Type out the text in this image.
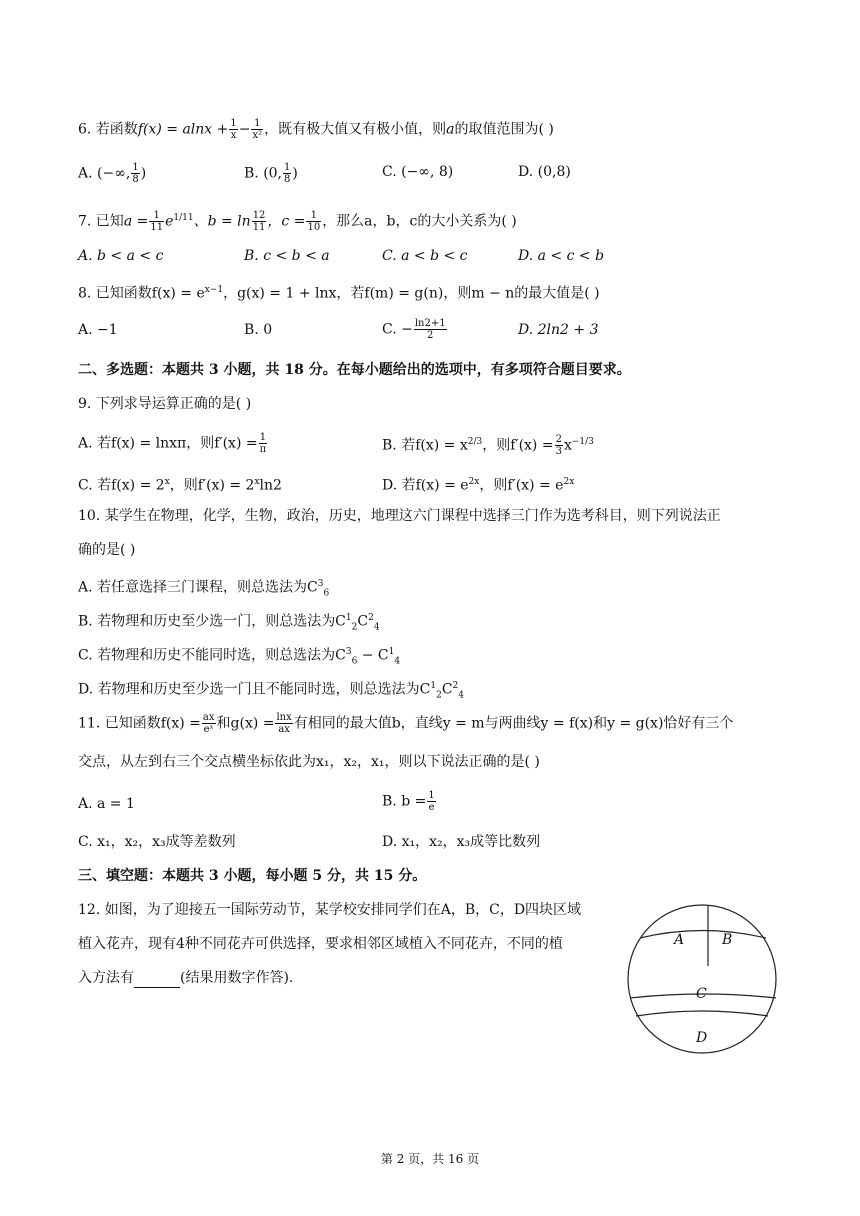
6. 若函数$f(x) = alnx + \frac{1}{x} - \frac{1}{\text{x²}}$ ，既有极大值又有极小值，则a的取值范围为( )
A. (−∞, $\frac{1}{8}$ )	B. (0, $\frac{1}{8}$ )	C. (−∞, 8)	D. (0,8)
7. 已知$a = \frac{1}{11} e^{1/11}$、$b = \ln \frac{12}{11}$ ，$c = \frac{1}{10}$ ，那么a，b，c的大小关系为( )
A. b < a < c	B. c < b < a	C. a < b < c	D. a < c < b
8. 已知函数$f(x) = e^{x-1}$，g(x) = 1 + lnx，若f(m) = g(n)，则m − n的最大值是( )
A. −1	B. 0	C. − $\frac{\ln 2+1}{2}$	D. 2ln2 + 3
二、多选题：本题共 3 小题，共 18 分。在每小题给出的选项中，有多项符合题目要求。
9. 下列求导运算正确的是( )
A. 若f(x) = lnxπ，则$f'(x) = \frac{1}{\pi}$	B. 若$f(x) = x^{2/3}$，则$f'(x) = \frac{2}{3} x^{-1/3}$
C. 若$f(x) = 2^x$，则$f'(x) = 2^x\ln 2$	D. 若$f(x) = e^{2x}$，则$f'(x) = e^{2x}$
10. 某学生在物理，化学，生物，政治，历史，地理这六门课程中选择三门作为选考科目，则下列说法正
确的是( )
A. 若任意选择三门课程，则总选法为$C^3_6$
B. 若物理和历史至少选一门，则总选法为$C^1_2C^2_4$
C. 若物理和历史不能同时选，则总选法为$C^3_6 - C^1_4$
D. 若物理和历史至少选一门且不能同时选，则总选法为$C^1_2C^2_4$
11. 已知函数$f(x) = \frac{ax}{\text{eˣ}}$ 和$g(x) = \frac{\ln x}{ax}$ 有相同的最大值b，直线y = m与两曲线y = f(x)和y = g(x)恰好有三个
交点，从左到右三个交点横坐标依此为x₁，x₂，x₁，则以下说法正确的是( )
A. a = 1	B. $b = \frac{1}{e}$
C. x₁，x₂，x₃成等差数列	D. x₁，x₂，x₃成等比数列
三、填空题：本题共 3 小题，每小题 5 分，共 15 分。
12. 如图，为了迎接五一国际劳动节，某学校安排同学们在A，B，C，D四块区域
植入花卉，现有4种不同花卉可供选择，要求相邻区域植入不同花卉，不同的植
入方法有	(结果用数字作答).
A	B
C
D
第 2 页，共 16 页
